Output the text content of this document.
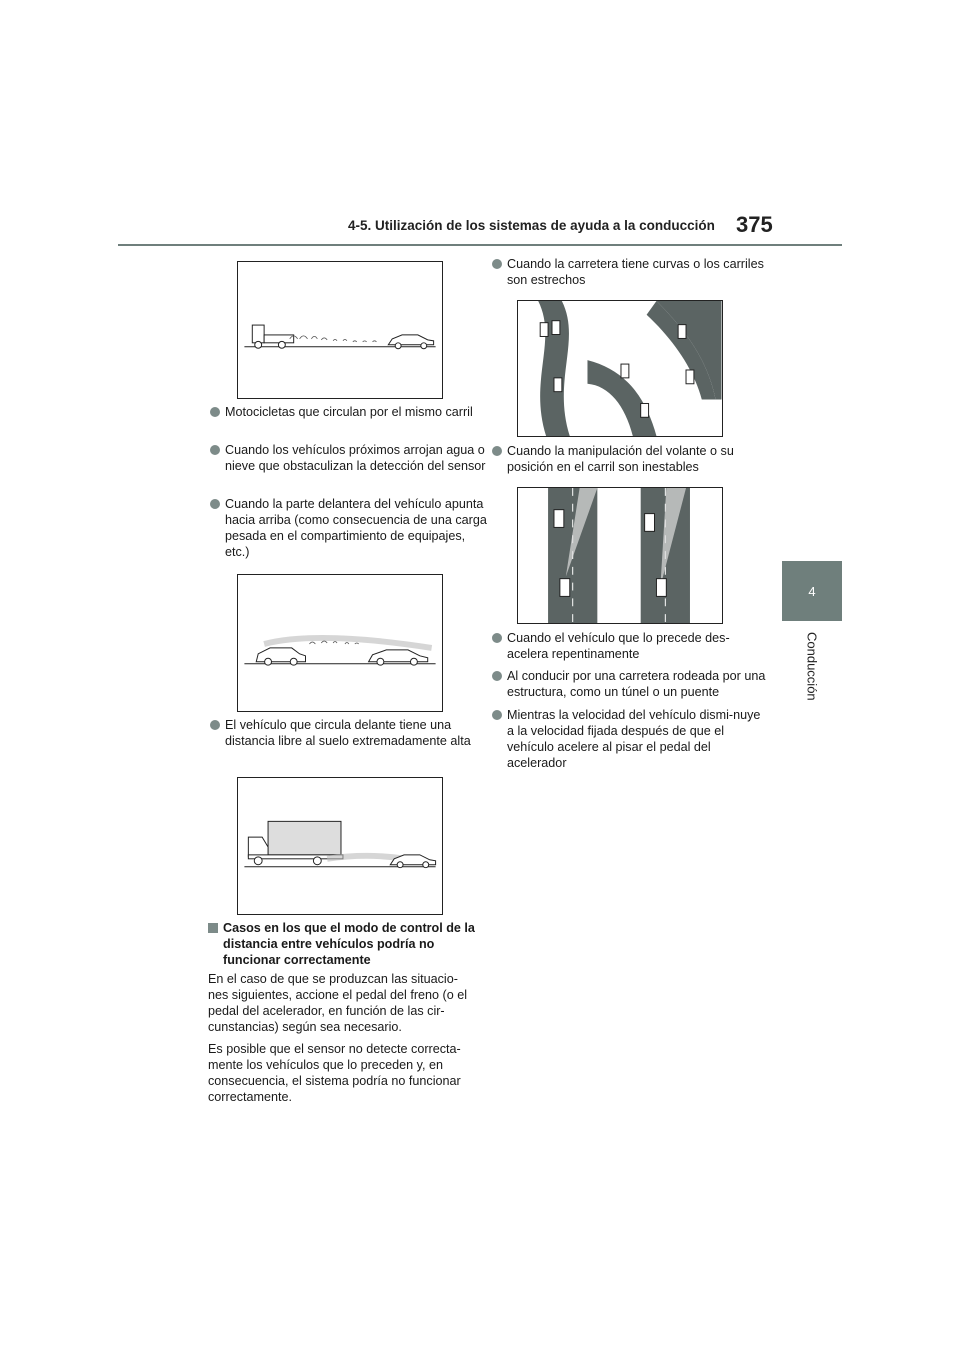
4-5. Utilización de los sistemas de ayuda a la conducción 375
4
Conducción
Motocicletas que circulan por el mismo carril
Cuando los vehículos próximos arrojan agua o nieve que obstaculizan la detección del sensor
Cuando la parte delantera del vehículo apunta hacia arriba (como consecuencia de una carga pesada en el compartimiento de equipajes, etc.)
El vehículo que circula delante tiene una distancia libre al suelo extremadamente alta
Casos en los que el modo de control de la distancia entre vehículos podría no funcionar correctamente
En el caso de que se produzcan las situacio-nes siguientes, accione el pedal del freno (o el pedal del acelerador, en función de las cir-cunstancias) según sea necesario.
Es posible que el sensor no detecte correcta-mente los vehículos que lo preceden y, en consecuencia, el sistema podría no funcionar correctamente.
Cuando la carretera tiene curvas o los carriles son estrechos
Cuando la manipulación del volante o su posición en el carril son inestables
Cuando el vehículo que lo precede des-acelera repentinamente
Al conducir por una carretera rodeada por una estructura, como un túnel o un puente
Mientras la velocidad del vehículo dismi-nuye a la velocidad fijada después de que el vehículo acelere al pisar el pedal del acelerador
